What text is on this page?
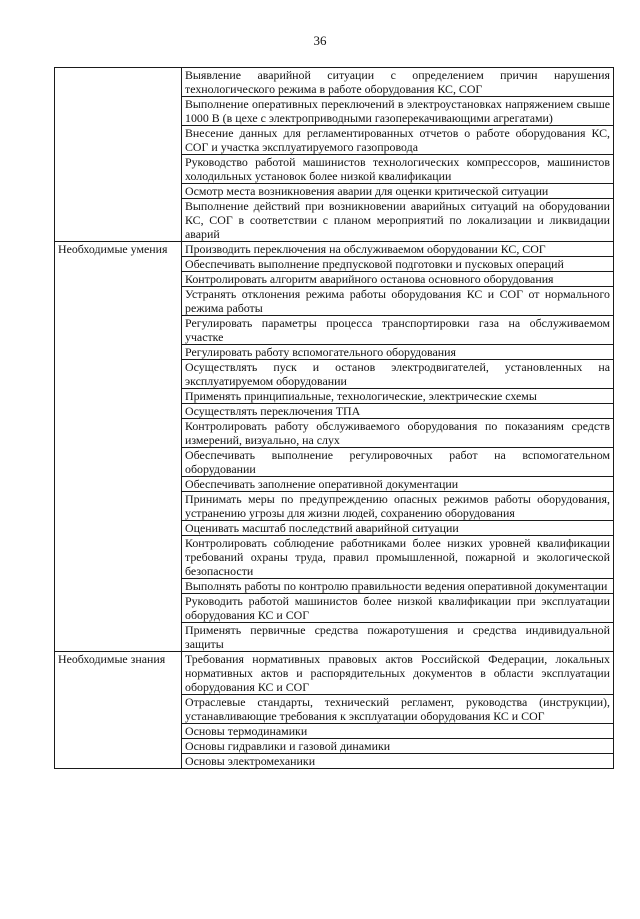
36
	Выявление аварийной ситуации с определением причин нарушения технологического режима в работе оборудования КС, СОГ
	Выполнение оперативных переключений в электроустановках напряжением свыше 1000 В (в цехе с электроприводными газоперекачивающими агрегатами)
	Внесение данных для регламентированных отчетов о работе оборудования КС, СОГ и участка эксплуатируемого газопровода
	Руководство работой машинистов технологических компрессоров, машинистов холодильных установок более низкой квалификации
	Осмотр места возникновения аварии для оценки критической ситуации
	Выполнение действий при возникновении аварийных ситуаций на оборудовании КС, СОГ в соответствии с планом мероприятий по локализации и ликвидации аварий
Необходимые умения	Производить переключения на обслуживаемом оборудовании КС, СОГ
	Обеспечивать выполнение предпусковой подготовки и пусковых операций
	Контролировать алгоритм аварийного останова основного оборудования
	Устранять отклонения режима работы оборудования КС и СОГ от нормального режима работы
	Регулировать параметры процесса транспортировки газа на обслуживаемом участке
	Регулировать работу вспомогательного оборудования
	Осуществлять пуск и останов электродвигателей, установленных на эксплуатируемом оборудовании
	Применять принципиальные, технологические, электрические схемы
	Осуществлять переключения ТПА
	Контролировать работу обслуживаемого оборудования по показаниям средств измерений, визуально, на слух
	Обеспечивать выполнение регулировочных работ на вспомогательном оборудовании
	Обеспечивать заполнение оперативной документации
	Принимать меры по предупреждению опасных режимов работы оборудования, устранению угрозы для жизни людей, сохранению оборудования
	Оценивать масштаб последствий аварийной ситуации
	Контролировать соблюдение работниками более низких уровней квалификации требований охраны труда, правил промышленной, пожарной и экологической безопасности
	Выполнять работы по контролю правильности ведения оперативной документации
	Руководить работой машинистов более низкой квалификации при эксплуатации оборудования КС и СОГ
	Применять первичные средства пожаротушения и средства индивидуальной защиты
Необходимые знания	Требования нормативных правовых актов Российской Федерации, локальных нормативных актов и распорядительных документов в области эксплуатации оборудования КС и СОГ
	Отраслевые стандарты, технический регламент, руководства (инструкции), устанавливающие требования к эксплуатации оборудования КС и СОГ
	Основы термодинамики
	Основы гидравлики и газовой динамики
	Основы электромеханики
